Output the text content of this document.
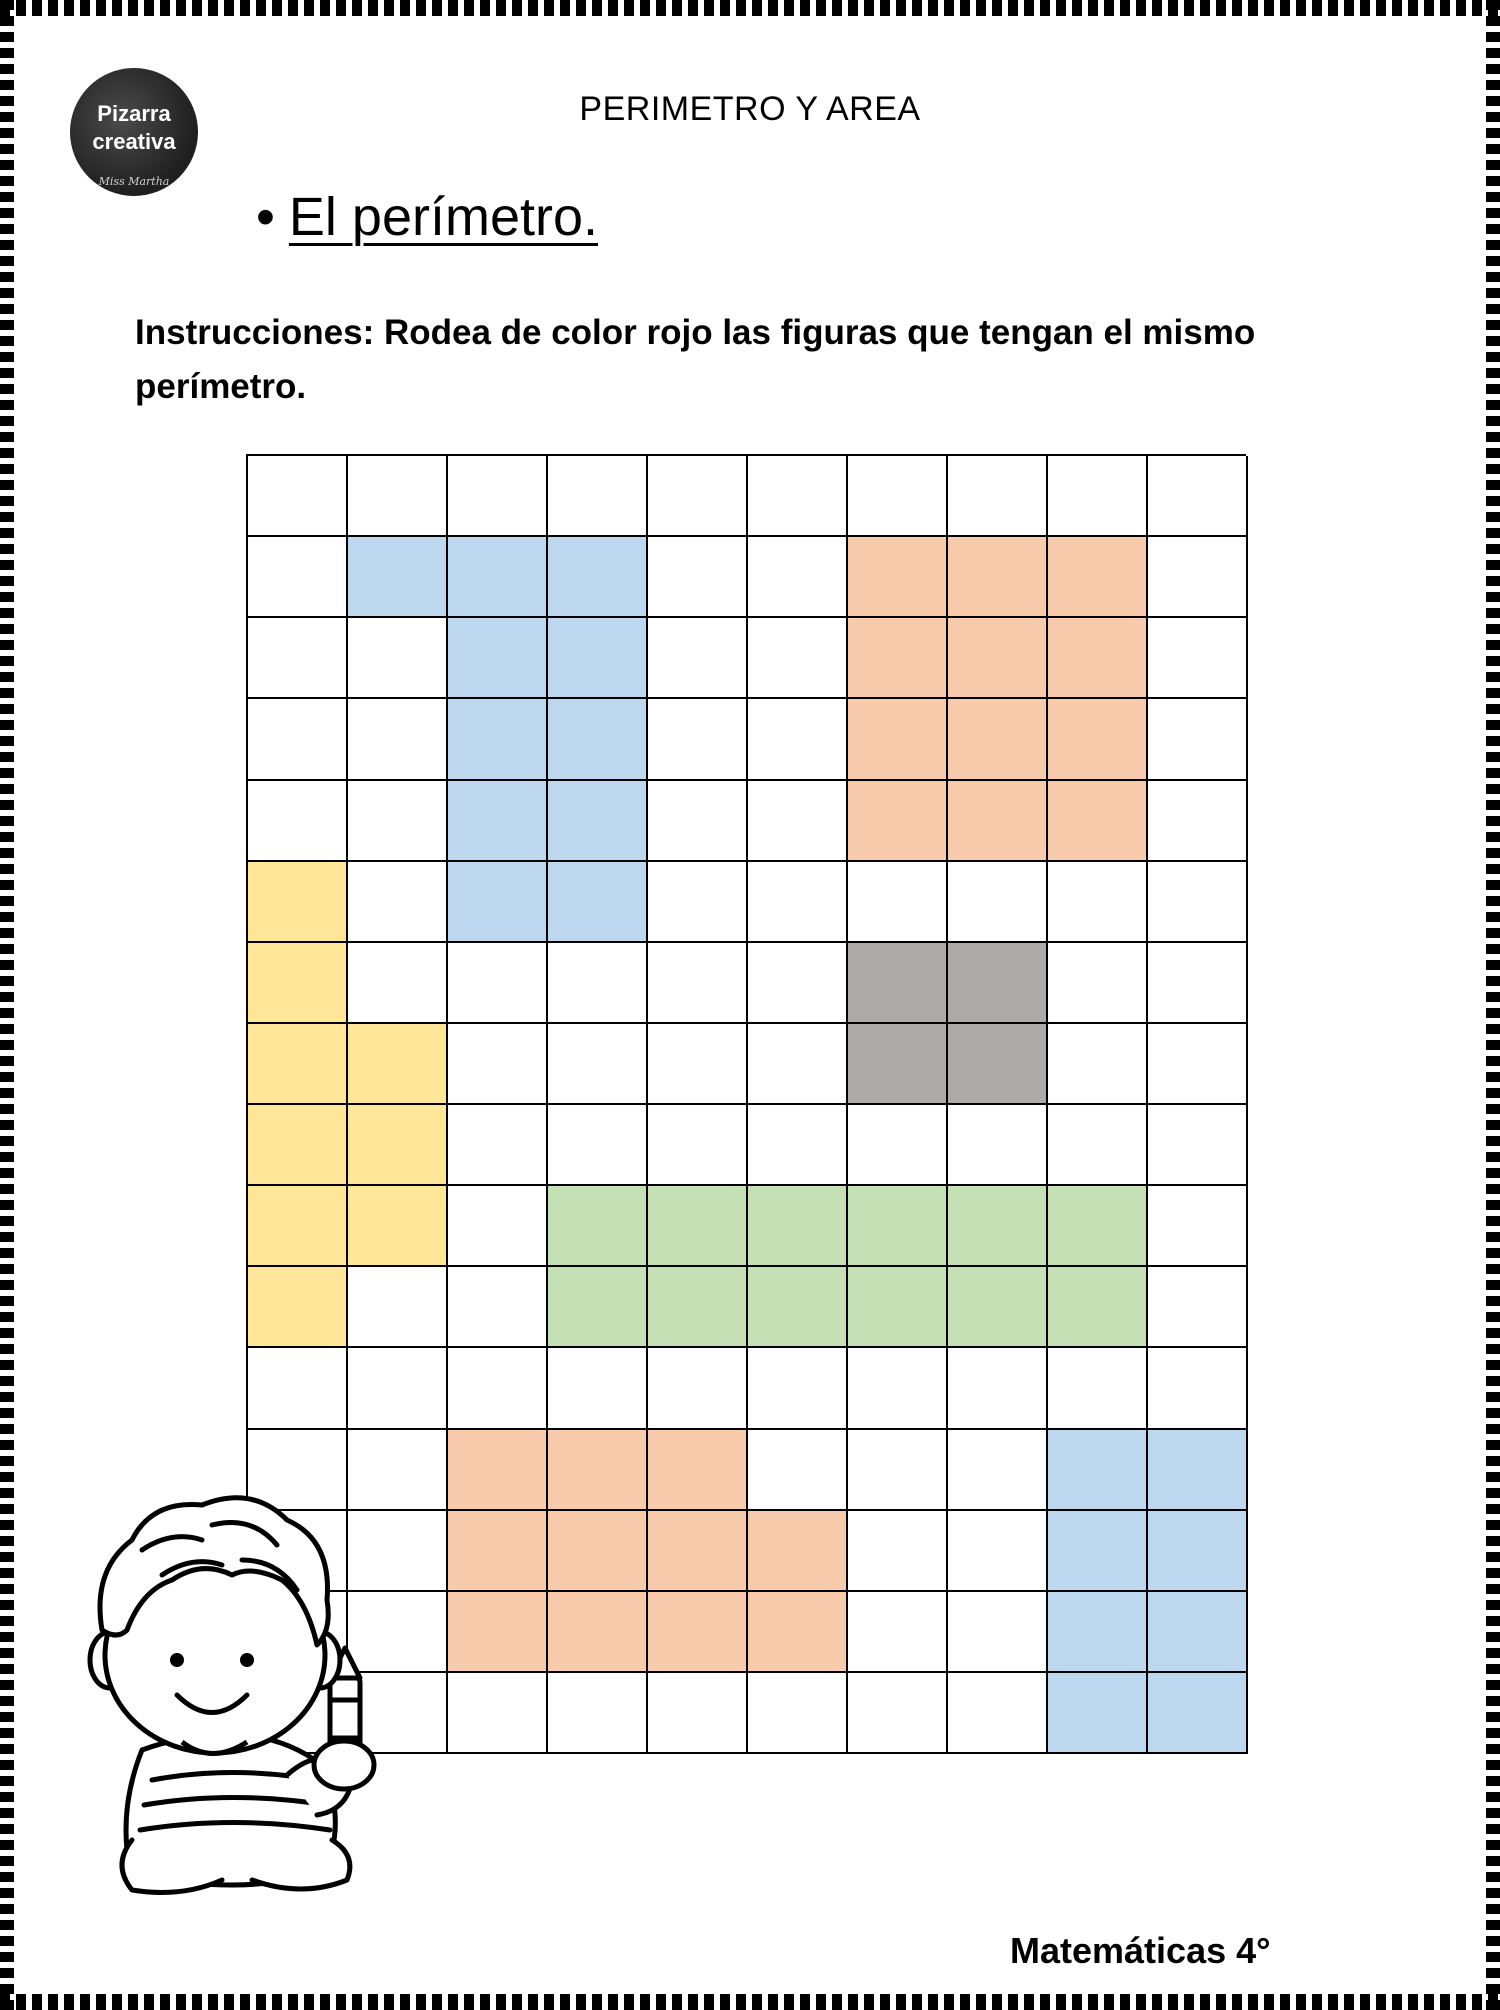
Pizarra
creativa
Miss Martha
PERIMETRO Y AREA
• El perímetro.
Instrucciones: Rodea de color rojo las figuras que tengan el mismo perímetro.
Matemáticas 4°
